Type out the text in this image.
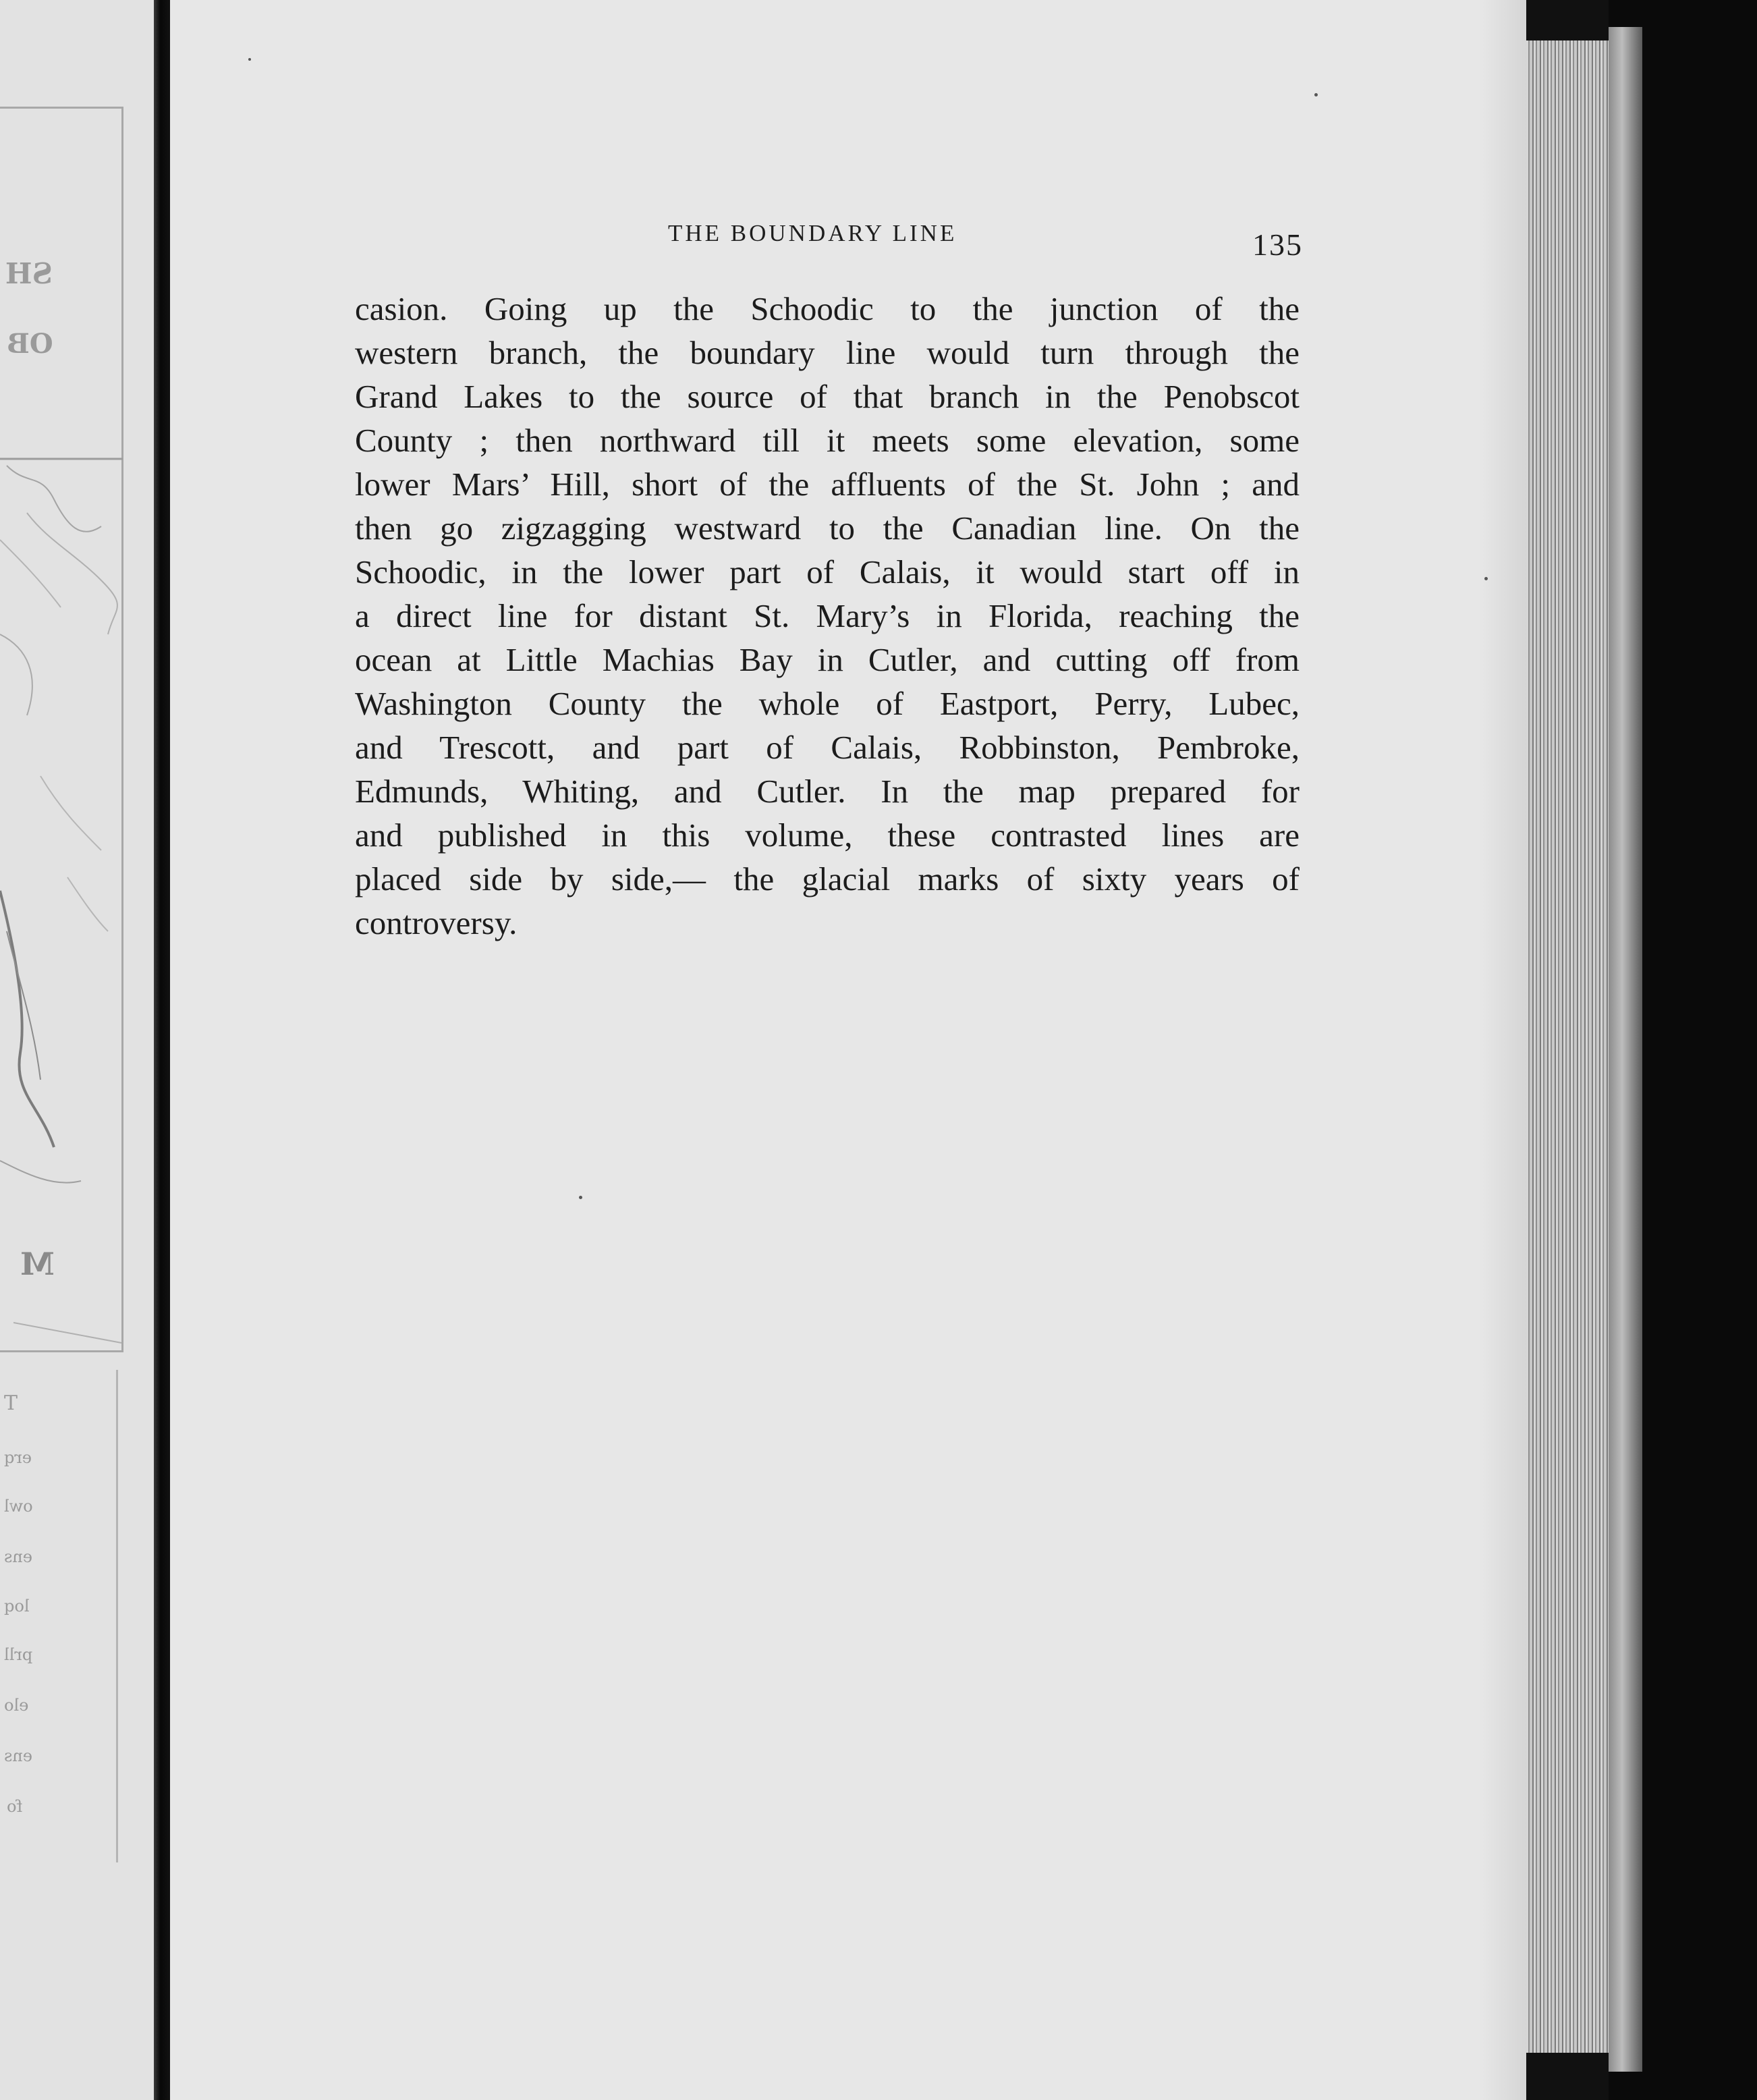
SH
OB
M
T
erq
owl
ens
loq
prll
elo
ens
fo
THE BOUNDARY LINE	135

casion. Going up the Schoodic to the junction of the
western branch, the boundary line would turn through the
Grand Lakes to the source of that branch in the Penobscot
County ; then northward till it meets some elevation, some
lower Mars’ Hill, short of the affluents of the St. John ; and
then go zigzagging westward to the Canadian line. On the
Schoodic, in the lower part of Calais, it would start off in
a direct line for distant St. Mary’s in Florida, reaching the
ocean at Little Machias Bay in Cutler, and cutting off from
Washington County the whole of Eastport, Perry, Lubec,
and Trescott, and part of Calais, Robbinston, Pembroke,
Edmunds, Whiting, and Cutler. In the map prepared for
and published in this volume, these contrasted lines are
placed side by side,— the glacial marks of sixty years of
controversy.
